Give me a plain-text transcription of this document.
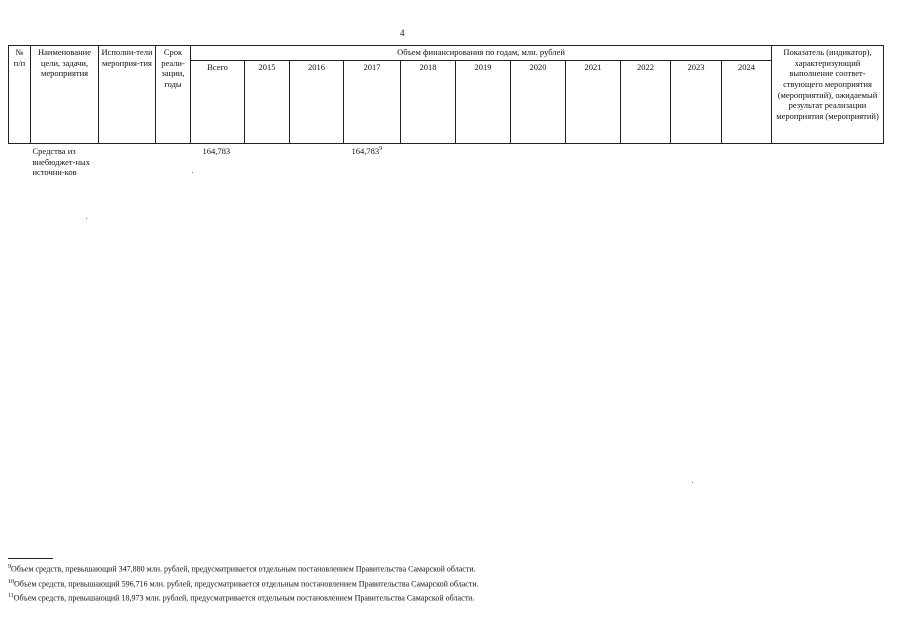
4
№ п/п	Наименование цели, задачи, мероприятия	Исполни-тели мероприя-тия	Срок реали-зации, годы	Объем финансирования по годам, млн. рублей											Показатель (индикатор), характеризующий выполнение соответ-ствующего мероприятия (мероприятий), ожидаемый результат реализации мероприятия (мероприятий)
				Всего	2015	2016	2017	2018	2019	2020	2021	2022	2023	2024	
	Средства из внебюджет-ных источни-ков			164,783			164,783$^9$								
$^9$Объем средств, превышающий 347,880 млн. рублей, предусматривается отдельным постановлением Правительства Самарской области.
$^{10}$Объем средств, превышающий 596,716 млн. рублей, предусматривается отдельным постановлением Правительства Самарской области.
$^{11}$Объем средств, превышающий 18,973 млн. рублей, предусматривается отдельным постановлением Правительства Самарской области.
